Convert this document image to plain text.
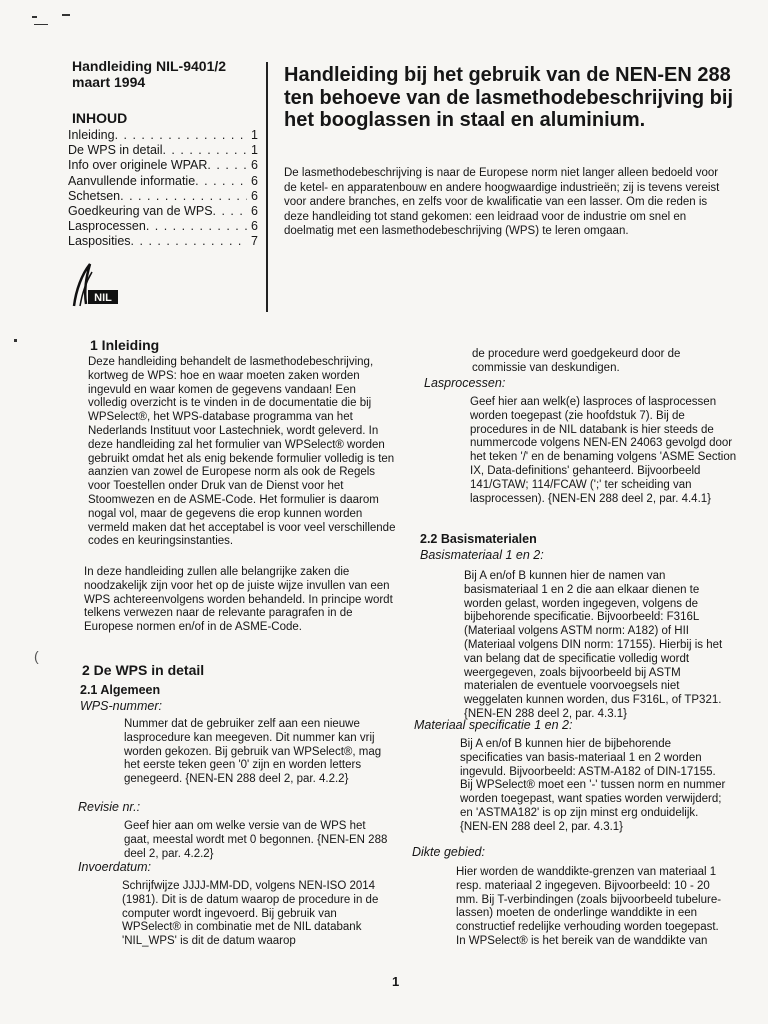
(
Handleiding NIL-9401/2
maart 1994
INHOUD
Inleiding . . .	1
De WPS in detail . . .	1
Info over originele WPAR . . .	6
Aanvullende informatie . . .	6
Schetsen . . .	6
Goedkeuring van de WPS . . .	6
Lasprocessen . . .	6
Lasposities . . .	7
Handleiding bij het gebruik van de NEN-EN 288 ten behoeve van de lasmethodebeschrijving bij het booglassen in staal en aluminium.
De lasmethodebeschrijving is naar de Europese norm niet langer alleen bedoeld voor de ketel- en apparatenbouw en andere hoogwaardige industrieën; zij is tevens vereist voor andere branches, en zelfs voor de kwalificatie van een lasser. Om die reden is deze handleiding tot stand gekomen: een leidraad voor de industrie om snel en doelmatig met een lasmethodebeschrijving (WPS) te leren omgaan.
NIL
1 Inleiding
Deze handleiding behandelt de lasmethodebeschrijving, kortweg de WPS: hoe en waar moeten zaken worden ingevuld en waar komen de gegevens vandaan! Een volledig overzicht is te vinden in de documentatie die bij WPSelect®, het WPS-database programma van het Nederlands Instituut voor Lastechniek, wordt geleverd. In deze handleiding zal het formulier van WPSelect® worden gebruikt omdat het als enig bekende formulier volledig is ten aanzien van zowel de Europese norm als ook de Regels voor Toestellen onder Druk van de Dienst voor het Stoomwezen en de ASME-Code. Het formulier is daarom nogal vol, maar de gegevens die erop kunnen worden vermeld maken dat het acceptabel is voor veel verschillende codes en keuringsinstanties.
In deze handleiding zullen alle belangrijke zaken die noodzakelijk zijn voor het op de juiste wijze invullen van een WPS achtereenvolgens worden behandeld. In principe wordt telkens verwezen naar de relevante paragrafen in de Europese normen en/of in de ASME-Code.
2 De WPS in detail
2.1 Algemeen
WPS-nummer:
Nummer dat de gebruiker zelf aan een nieuwe lasprocedure kan meegeven. Dit nummer kan vrij worden gekozen. Bij gebruik van WPSelect®, mag het eerste teken geen '0' zijn en worden letters genegeerd. {NEN-EN 288 deel 2, par. 4.2.2}
Revisie nr.:
Geef hier aan om welke versie van de WPS het gaat, meestal wordt met 0 begonnen. {NEN-EN 288 deel 2, par. 4.2.2}
Invoerdatum:
Schrijfwijze JJJJ-MM-DD, volgens NEN-ISO 2014 (1981). Dit is de datum waarop de procedure in de computer wordt ingevoerd. Bij gebruik van WPSelect® in combinatie met de NIL databank 'NIL_WPS' is dit de datum waarop
de procedure werd goedgekeurd door de commissie van deskundigen.
Lasprocessen:
Geef hier aan welk(e) lasproces of lasprocessen worden toegepast (zie hoofdstuk 7). Bij de procedures in de NIL databank is hier steeds de nummercode volgens NEN-EN 24063 gevolgd door het teken '/' en de benaming volgens 'ASME Section IX, Data-definitions' gehanteerd. Bijvoorbeeld 141/GTAW; 114/FCAW (';' ter scheiding van lasprocessen). {NEN-EN 288 deel 2, par. 4.4.1}
2.2 Basismaterialen
Basismateriaal 1 en 2:
Bij A en/of B kunnen hier de namen van basismateriaal 1 en 2 die aan elkaar dienen te worden gelast, worden ingegeven, volgens de bijbehorende specificatie. Bijvoorbeeld: F316L (Materiaal volgens ASTM norm: A182) of HII (Materiaal volgens DIN norm: 17155). Hierbij is het van belang dat de specificatie volledig wordt weergegeven, zoals bijvoorbeeld bij ASTM materialen de eventuele voorvoegsels niet weggelaten kunnen worden, dus F316L, of TP321. {NEN-EN 288 deel 2, par. 4.3.1}
Materiaal specificatie 1 en 2:
Bij A en/of B kunnen hier de bijbehorende specificaties van basis-materiaal 1 en 2 worden ingevuld. Bijvoorbeeld: ASTM-A182 of DIN-17155. Bij WPSelect® moet een '-' tussen norm en nummer worden toegepast, want spaties worden verwijderd; en 'ASTMA182' is op zijn minst erg onduidelijk. {NEN-EN 288 deel 2, par. 4.3.1}
Dikte gebied:
Hier worden de wanddikte-grenzen van materiaal 1 resp. materiaal 2 ingegeven. Bijvoorbeeld: 10 - 20 mm. Bij T-verbindingen (zoals bijvoorbeeld tubelure-lassen) moeten de onderlinge wanddikte in een constructief redelijke verhouding worden toegepast. In WPSelect® is het bereik van de wanddikte van
1
